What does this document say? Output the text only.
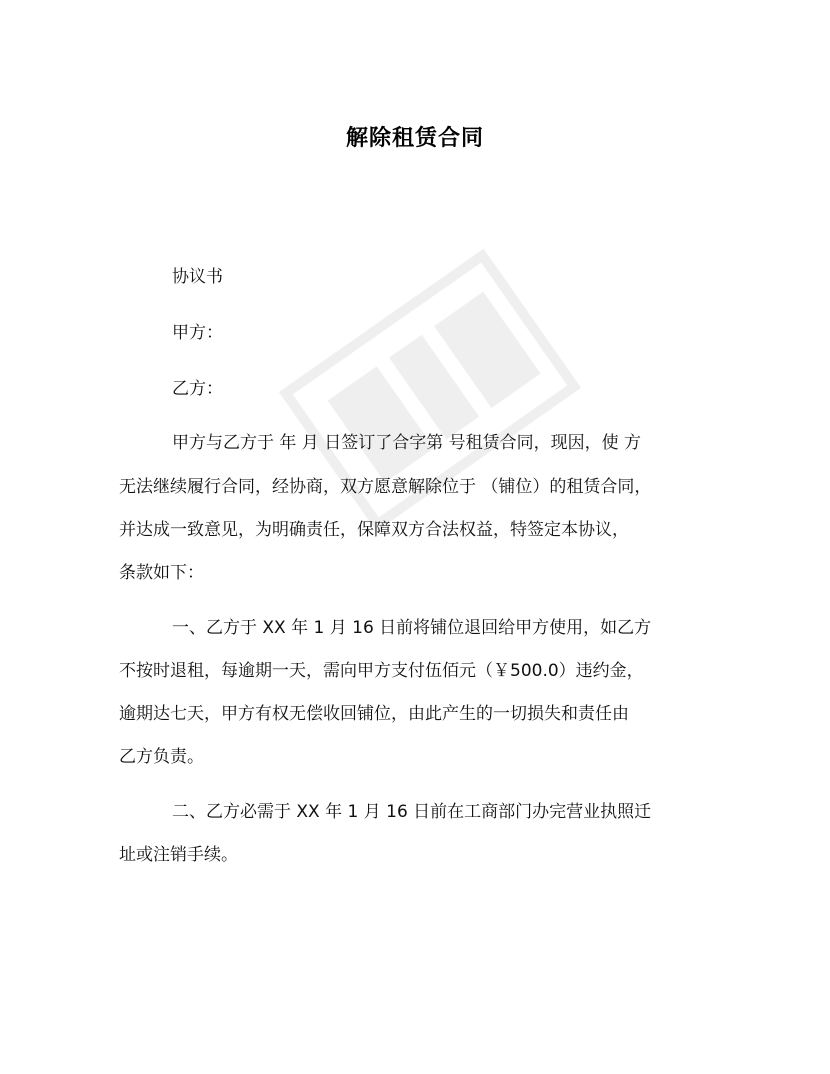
解除租赁合同
协议书
甲方：
乙方：
甲方与乙方于 年 月 日签订了合字第 号租赁合同，现因，使 方
无法继续履行合同，经协商，双方愿意解除位于 （铺位）的租赁合同，
并达成一致意见，为明确责任，保障双方合法权益，特签定本协议，
条款如下：
一、乙方于 XX 年 1 月 16 日前将铺位退回给甲方使用，如乙方
不按时退租，每逾期一天，需向甲方支付伍佰元（￥500.0）违约金，
逾期达七天，甲方有权无偿收回铺位，由此产生的一切损失和责任由
乙方负责。
二、乙方必需于 XX 年 1 月 16 日前在工商部门办完营业执照迁
址或注销手续。
